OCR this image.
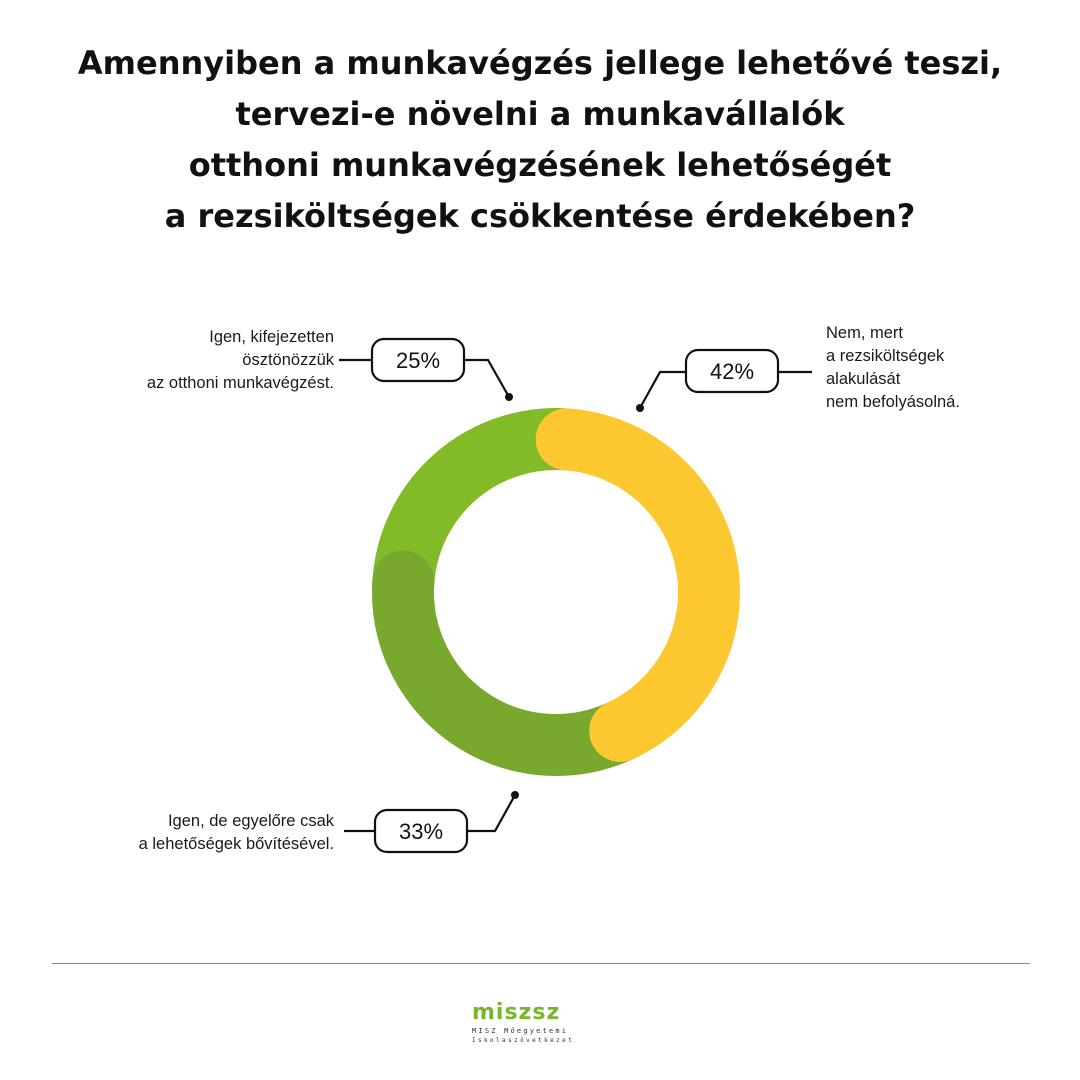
Amennyiben a munkavégzés jellege lehetővé teszi,
tervezi-e növelni a munkavállalók
otthoni munkavégzésének lehetőségét
a rezsiköltségek csökkentése érdekében?
42%
33%
25%
Nem, mert
a rezsiköltségek
alakulását
nem befolyásolná.
Igen, de egyelőre csak
a lehetőségek bővítésével.
Igen, kifejezetten
ösztönözzük
az otthoni munkavégzést.
miszsz
MISZ Mőegyetemi
Iskolaszövetkezet
